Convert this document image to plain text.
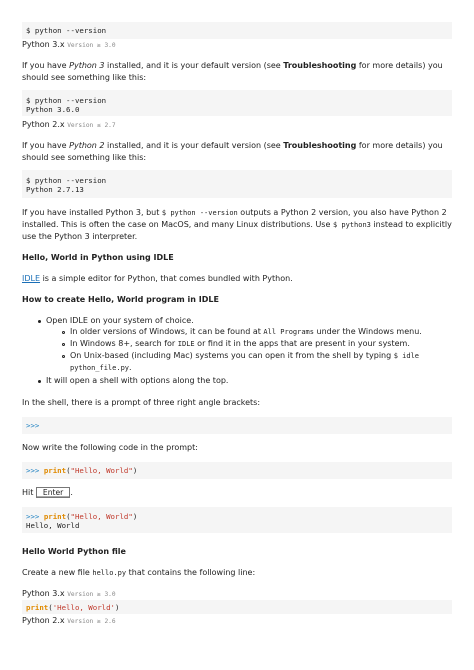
$ python --version
Python 3.x Version ≥ 3.0
If you have Python 3 installed, and it is your default version (see Troubleshooting for more details) you should see something like this:
$ python --version
Python 3.6.0
Python 2.x Version ≤ 2.7
If you have Python 2 installed, and it is your default version (see Troubleshooting for more details) you should see something like this:
$ python --version
Python 2.7.13
If you have installed Python 3, but $ python --version outputs a Python 2 version, you also have Python 2 installed. This is often the case on MacOS, and many Linux distributions. Use $ python3 instead to explicitly use the Python 3 interpreter.
Hello, World in Python using IDLE
IDLE is a simple editor for Python, that comes bundled with Python.
How to create Hello, World program in IDLE
Open IDLE on your system of choice.
In older versions of Windows, it can be found at All Programs under the Windows menu.
In Windows 8+, search for IDLE or find it in the apps that are present in your system.
On Unix-based (including Mac) systems you can open it from the shell by typing $ idle
python_file.py.
It will open a shell with options along the top.
In the shell, there is a prompt of three right angle brackets:
>>>
Now write the following code in the prompt:
>>> print("Hello, World")
Hit Enter .
>>> print("Hello, World")
Hello, World
Hello World Python file
Create a new file hello.py that contains the following line:
Python 3.x Version ≥ 3.0
print('Hello, World')
Python 2.x Version ≥ 2.6
